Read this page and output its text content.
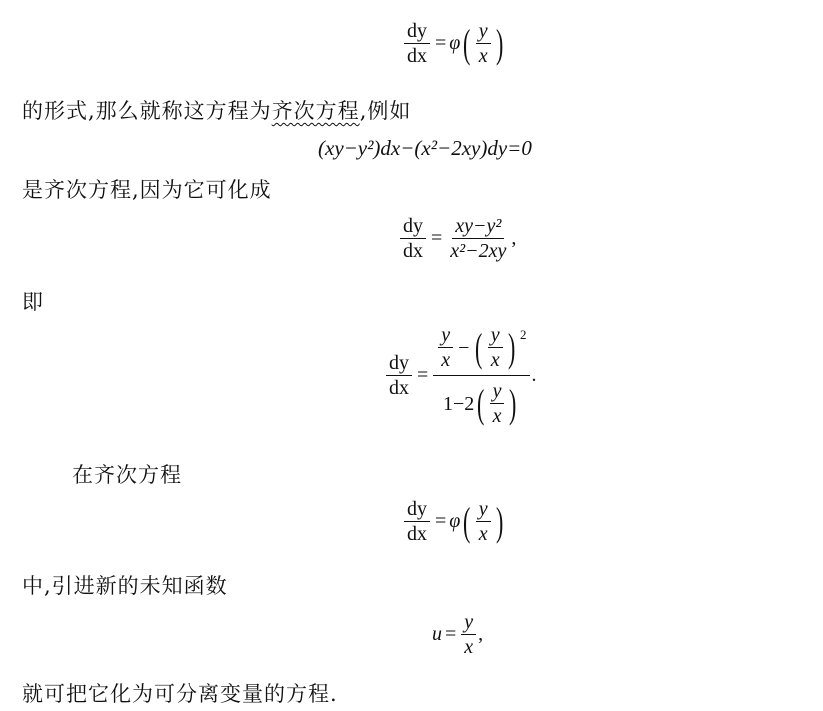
$\frac{dy}{dx} = \varphi$ ( $\frac{y}{x}$ )
的形式,那么就称这方程为齐次方程,例如
(xy−y²)dx−(x²−2xy)dy=0
是齐次方程,因为它可化成
$\frac{dy}{dx} = \frac{\text{xy−y²}}{\text{x²−2xy}}$ ,
即
$\frac{dy}{dx}$ =
$\frac{y}{x}$ − ( $\frac{y}{x}$ ) 2
1−2 ( $\frac{y}{x}$ )
.
在齐次方程
$\frac{dy}{dx} = \varphi$ ( $\frac{y}{x}$ )
中,引进新的未知函数
$u = \frac{y}{x}$ ,
就可把它化为可分离变量的方程.
